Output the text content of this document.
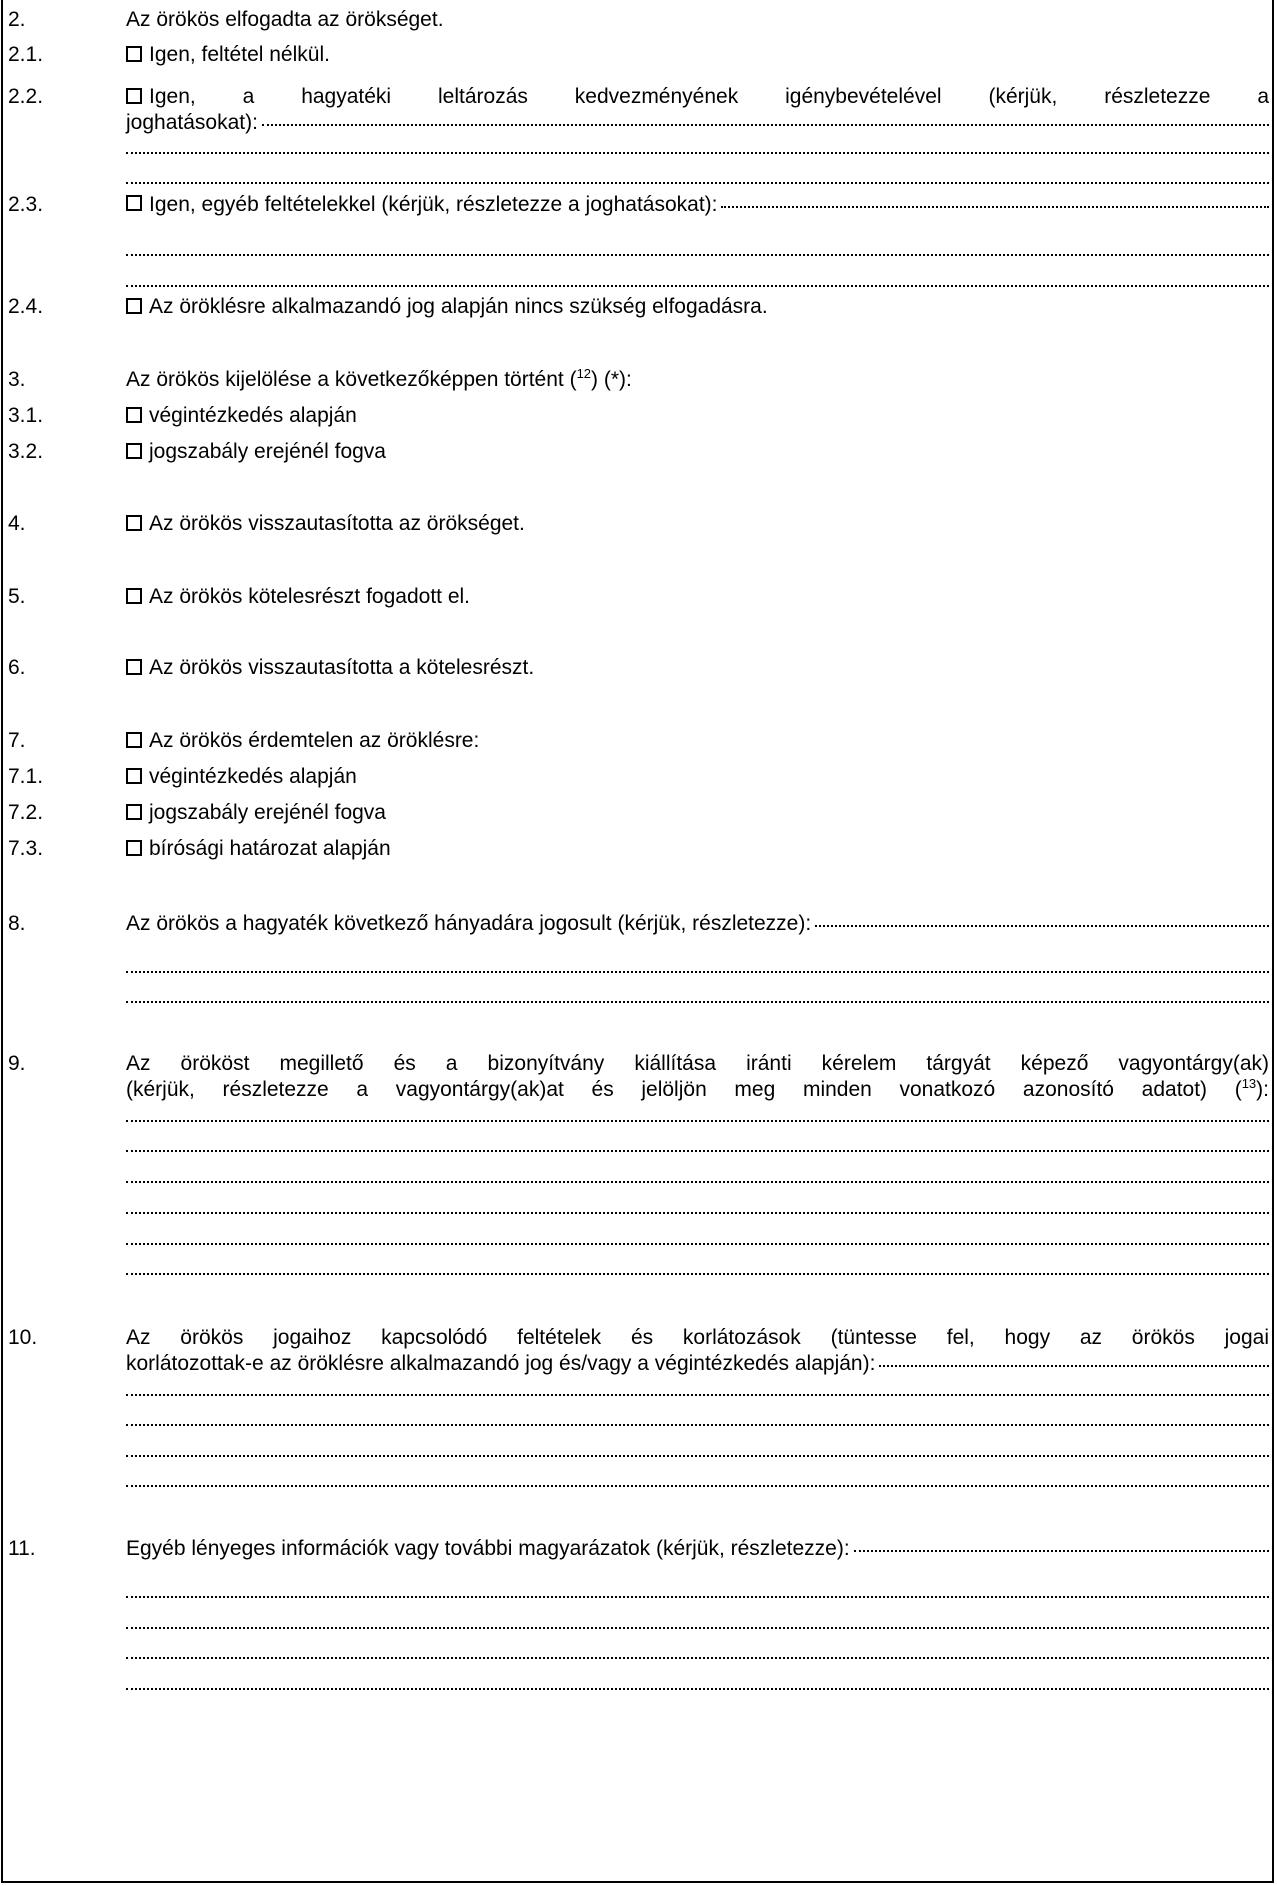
2.	Az örökös elfogadta az örökséget.
2.1.	Igen, feltétel nélkül.
2.2.	Igen, a hagyatéki leltározás kedvezményének igénybevételével (kérjük, részletezze a
joghatásokat):
2.3.	Igen, egyéb feltételekkel (kérjük, részletezze a joghatásokat):
2.4.	Az öröklésre alkalmazandó jog alapján nincs szükség elfogadásra.
3.	Az örökös kijelölése a következőképpen történt ($^{12}$) (*):
3.1.	végintézkedés alapján
3.2.	jogszabály erejénél fogva
4.	Az örökös visszautasította az örökséget.
5.	Az örökös kötelesrészt fogadott el.
6.	Az örökös visszautasította a kötelesrészt.
7.	Az örökös érdemtelen az öröklésre:
7.1.	végintézkedés alapján
7.2.	jogszabály erejénél fogva
7.3.	bírósági határozat alapján
8.	Az örökös a hagyaték következő hányadára jogosult (kérjük, részletezze):
9.	Az örököst megillető és a bizonyítvány kiállítása iránti kérelem tárgyát képező vagyontárgy(ak)
(kérjük, részletezze a vagyontárgy(ak)at és jelöljön meg minden vonatkozó azonosító adatot) ($^{13}$):
10.	Az örökös jogaihoz kapcsolódó feltételek és korlátozások (tüntesse fel, hogy az örökös jogai
korlátozottak-e az öröklésre alkalmazandó jog és/vagy a végintézkedés alapján):
11.	Egyéb lényeges információk vagy további magyarázatok (kérjük, részletezze):
